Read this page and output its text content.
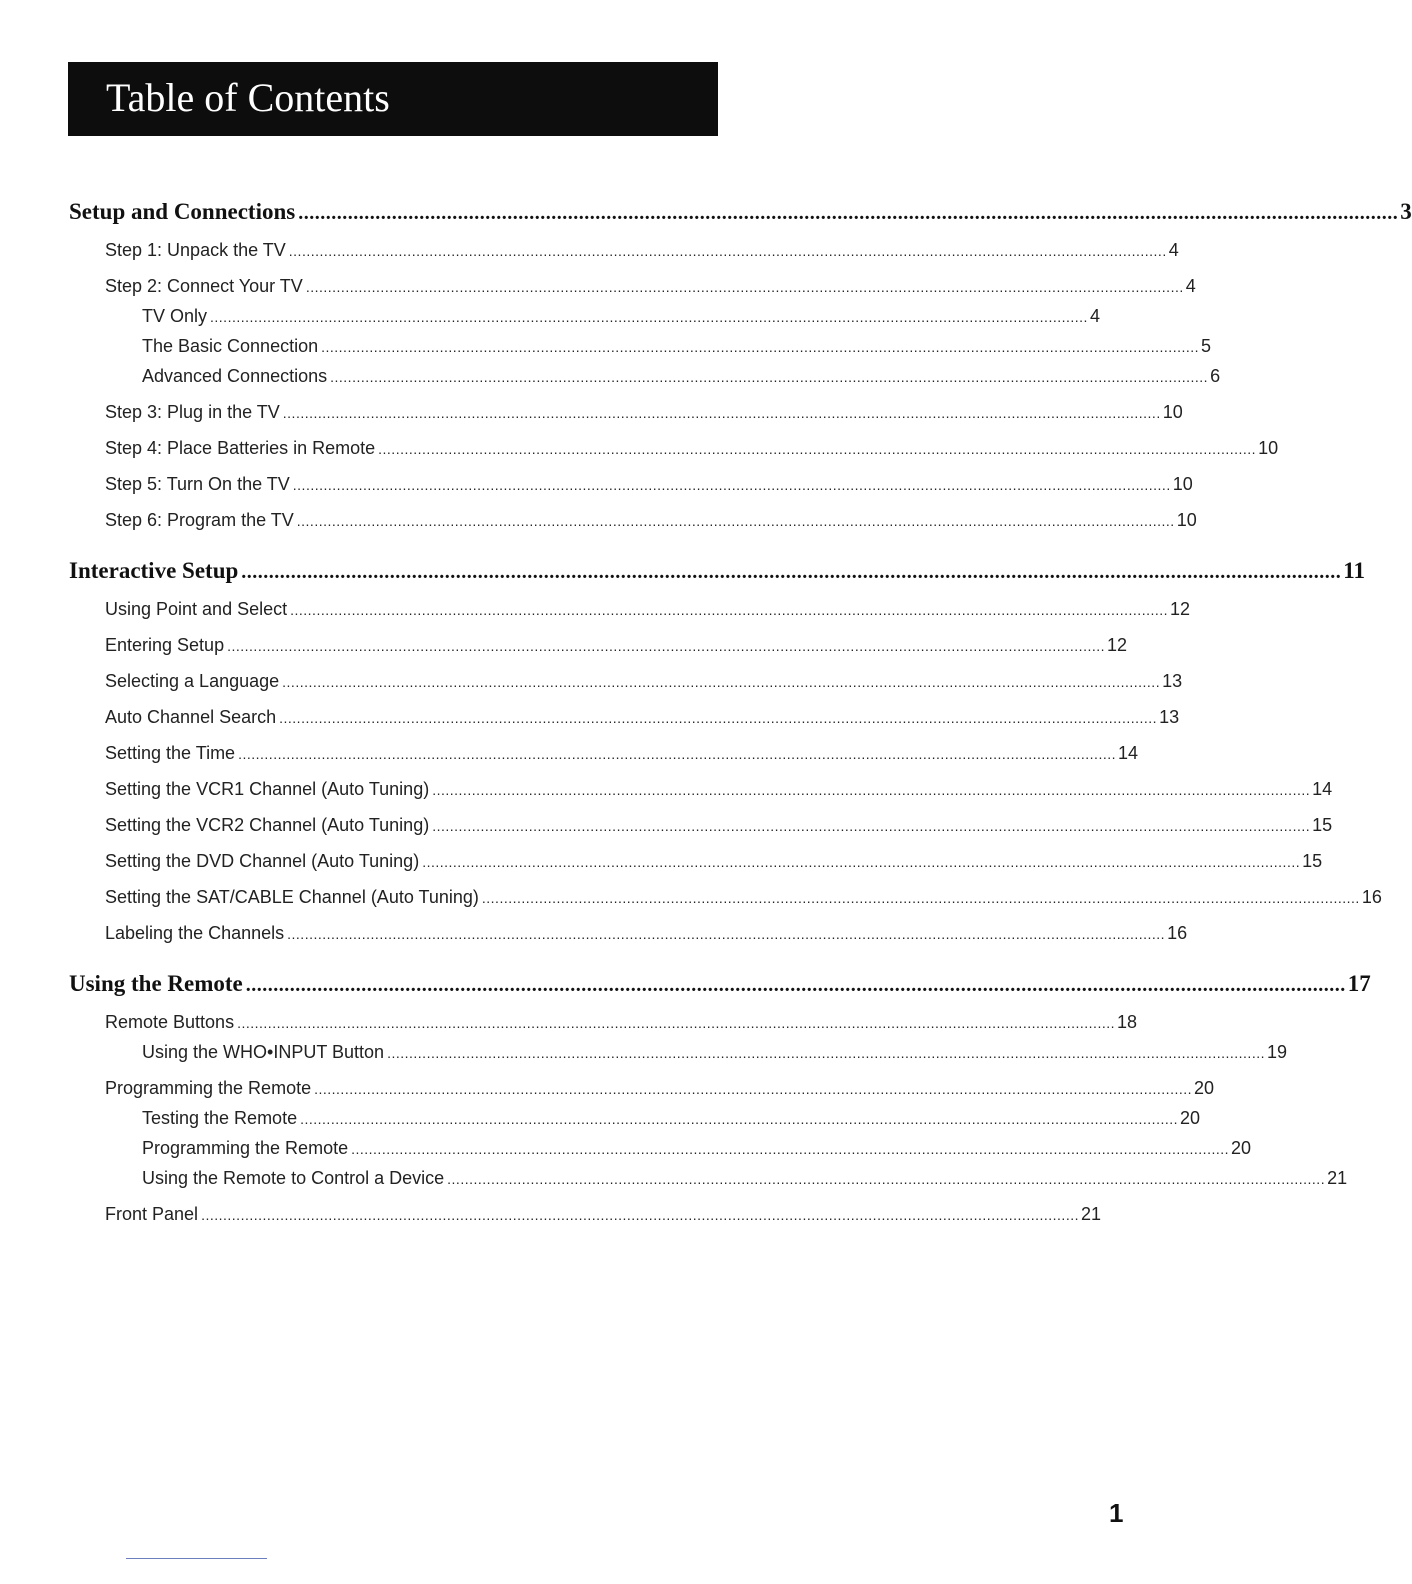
Table of Contents
Setup and Connections ........................................................................................................................................................................................................ 3
Step 1: Unpack the TV ........................................................................................................................................................................................................ 4
Step 2: Connect Your TV ........................................................................................................................................................................................................ 4
TV Only ........................................................................................................................................................................................................ 4
The Basic Connection ........................................................................................................................................................................................................ 5
Advanced Connections ........................................................................................................................................................................................................ 6
Step 3: Plug in the TV ........................................................................................................................................................................................................ 10
Step 4: Place Batteries in Remote ........................................................................................................................................................................................................ 10
Step 5: Turn On the TV ........................................................................................................................................................................................................ 10
Step 6: Program the TV ........................................................................................................................................................................................................ 10
Interactive Setup ........................................................................................................................................................................................................ 11
Using Point and Select ........................................................................................................................................................................................................ 12
Entering Setup ........................................................................................................................................................................................................ 12
Selecting a Language ........................................................................................................................................................................................................ 13
Auto Channel Search ........................................................................................................................................................................................................ 13
Setting the Time ........................................................................................................................................................................................................ 14
Setting the VCR1 Channel (Auto Tuning) ........................................................................................................................................................................................................ 14
Setting the VCR2 Channel (Auto Tuning) ........................................................................................................................................................................................................ 15
Setting the DVD Channel (Auto Tuning) ........................................................................................................................................................................................................ 15
Setting the SAT/CABLE Channel (Auto Tuning) ........................................................................................................................................................................................................ 16
Labeling the Channels ........................................................................................................................................................................................................ 16
Using the Remote ........................................................................................................................................................................................................ 17
Remote Buttons ........................................................................................................................................................................................................ 18
Using the WHO•INPUT Button ........................................................................................................................................................................................................ 19
Programming the Remote ........................................................................................................................................................................................................ 20
Testing the Remote ........................................................................................................................................................................................................ 20
Programming the Remote ........................................................................................................................................................................................................ 20
Using the Remote to Control a Device ........................................................................................................................................................................................................ 21
Front Panel ........................................................................................................................................................................................................ 21
1
